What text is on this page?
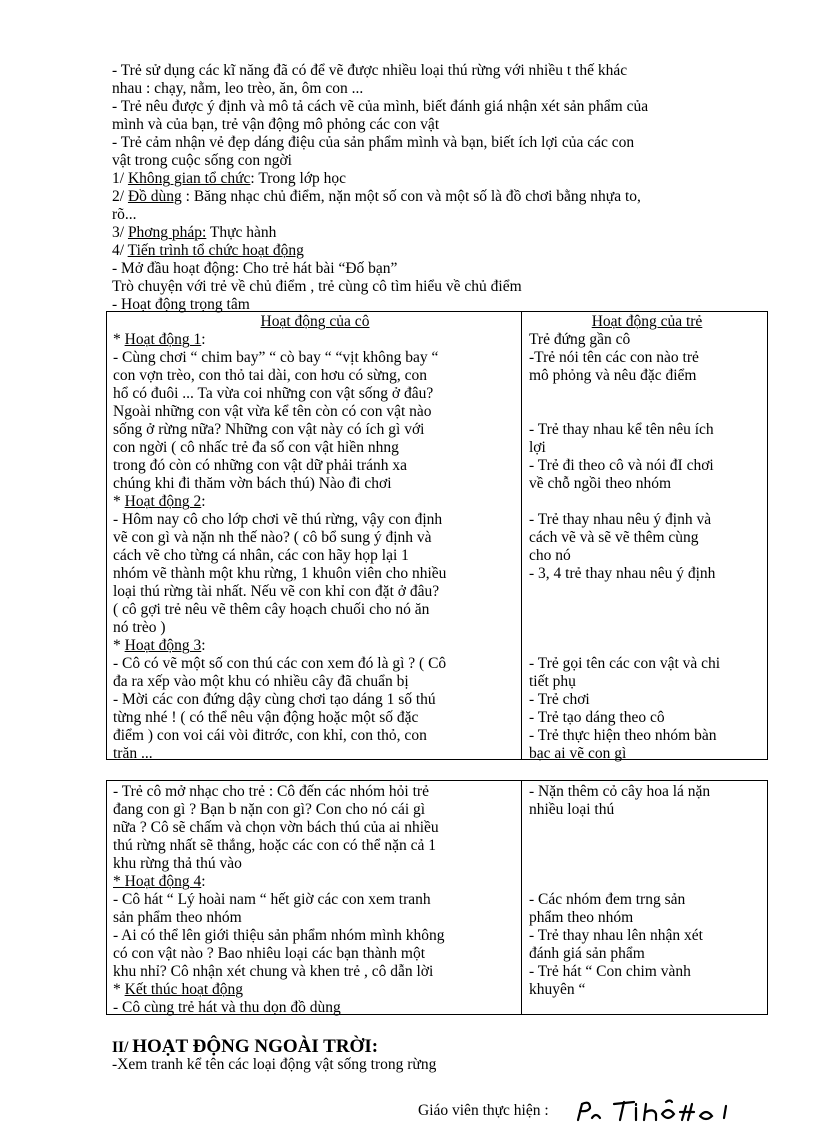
- Trẻ sử dụng các kĩ năng đã có để vẽ được nhiều loại thú rừng với nhiều t thế khác
nhau : chạy, nằm, leo trèo, ăn, ôm con ...
- Trẻ nêu được ý định và mô tả cách vẽ của mình, biết đánh giá nhận xét sản phẩm của
mình và của bạn, trẻ vận động mô phỏng các con vật
- Trẻ cảm nhận vẻ đẹp dáng điệu của sản phẩm mình và bạn, biết ích lợi của các con
vật trong cuộc sống con ngời
1/ Không gian tổ chức: Trong lớp học
2/ Đồ dùng : Băng nhạc chủ điểm, nặn một số con và một số là đồ chơi bằng nhựa to,
rõ...
3/ Phơng pháp: Thực hành
4/ Tiến trình tổ chức hoạt động
- Mở đầu hoạt động: Cho trẻ hát bài “Đố bạn”
Trò chuyện với trẻ về chủ điểm , trẻ cùng cô tìm hiểu về chủ điểm
- Hoạt động trọng tâm
Hoạt động của cô
* Hoạt động 1:
- Cùng chơi “ chim bay” “ cò bay “ “vịt không bay “
con vợn trèo, con thỏ tai dài, con hơu có sừng, con
hổ có đuôi ... Ta vừa coi những con vật sống ở đâu?
Ngoài những con vật vừa kể tên còn có con vật nào
sống ở rừng nữa? Những con vật này có ích gì với
con ngời ( cô nhấc trẻ đa số con vật hiền nhng
trong đó còn có những con vật dữ phải tránh xa
chúng khi đi thăm vờn bách thú) Nào đi chơi
* Hoạt động 2:
- Hôm nay cô cho lớp chơi vẽ thú rừng, vậy con định
vẽ con gì và nặn nh thế nào? ( cô bổ sung ý định và
cách vẽ cho từng cá nhân, các con hãy họp lại 1
nhóm vẽ thành một khu rừng, 1 khuôn viên cho nhiều
loại thú rừng tài nhất. Nếu vẽ con khỉ con đặt ở đâu?
( cô gợi trẻ nêu vẽ thêm cây hoạch chuối cho nó ăn
nó trèo )
* Hoạt động 3:
- Cô có vẽ một số con thú các con xem đó là gì ? ( Cô
đa ra xếp vào một khu có nhiều cây đã chuẩn bị
- Mời các con đứng dậy cùng chơi tạo dáng 1 số thú
từng nhé ! ( có thể nêu vận động hoặc một số đặc
điểm ) con voi cái vòi đitrớc, con khỉ, con thỏ, con
trăn ...
Hoạt động của trẻ
Trẻ đứng gần cô
-Trẻ nói tên các con nào trẻ
mô phỏng và nêu đặc điểm
- Trẻ thay nhau kể tên nêu ích
lợi
- Trẻ đi theo cô và nói đI chơi
về chỗ ngồi theo nhóm
- Trẻ thay nhau nêu ý định và
cách vẽ và sẽ vẽ thêm cùng
cho nó
- 3, 4 trẻ thay nhau nêu ý định
- Trẻ gọi tên các con vật và chi
tiết phụ
- Trẻ chơi
- Trẻ tạo dáng theo cô
- Trẻ thực hiện theo nhóm bàn
bạc ai vẽ con gì
- Trẻ cô mở nhạc cho trẻ : Cô đến các nhóm hỏi trẻ
đang con gì ? Bạn b nặn con gì? Con cho nó cái gì
nữa ? Cô sẽ chấm và chọn vờn bách thú của ai nhiều
thú rừng nhất sẽ thắng, hoặc các con có thể nặn cả 1
khu rừng thả thú vào
* Hoạt động 4:
- Cô hát “ Lý hoài nam “ hết giờ các con xem tranh
sản phẩm theo nhóm
- Ai có thể lên giới thiệu sản phẩm nhóm mình không
có con vật nào ? Bao nhiêu loại các bạn thành một
khu nhỉ? Cô nhận xét chung và khen trẻ , cô dẫn lời
* Kết thúc hoạt động
- Cô cùng trẻ hát và thu dọn đồ dùng
- Nặn thêm cỏ cây hoa lá nặn
nhiều loại thú
- Các nhóm đem trng sản
phẩm theo nhóm
- Trẻ thay nhau lên nhận xét
đánh giá sản phẩm
- Trẻ hát “ Con chim vành
khuyên “
II/ HOẠT ĐỘNG NGOÀI TRỜI:
-Xem tranh kể tên các loại động vật sống trong rừng
Giáo viên thực hiện :
